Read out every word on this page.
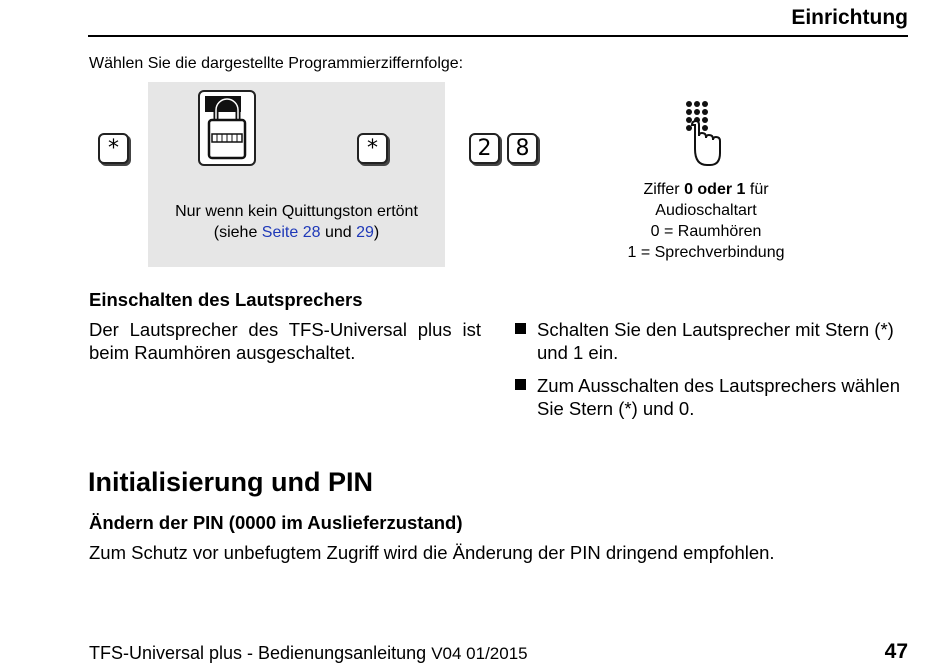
Einrichtung
Wählen Sie die dargestellte Programmierziffernfolge:
*	*
Nur wenn kein Quittungston ertönt
(siehe Seite 28 und 29)
2	8
Ziffer 0 oder 1 für
Audioschaltart
0 = Raumhören
1 = Sprechverbindung
Einschalten des Lautsprechers
Der Lautsprecher des TFS-Universal plus ist beim Raumhören ausgeschaltet.
Schalten Sie den Lautsprecher mit Stern (*) und 1 ein.
Zum Ausschalten des Lautsprechers wählen Sie Stern (*) und 0.
Initialisierung und PIN
Ändern der PIN (0000 im Auslieferzustand)
Zum Schutz vor unbefugtem Zugriff wird die Änderung der PIN dringend empfohlen.
TFS-Universal plus - Bedienungsanleitung V04 01/2015	47
